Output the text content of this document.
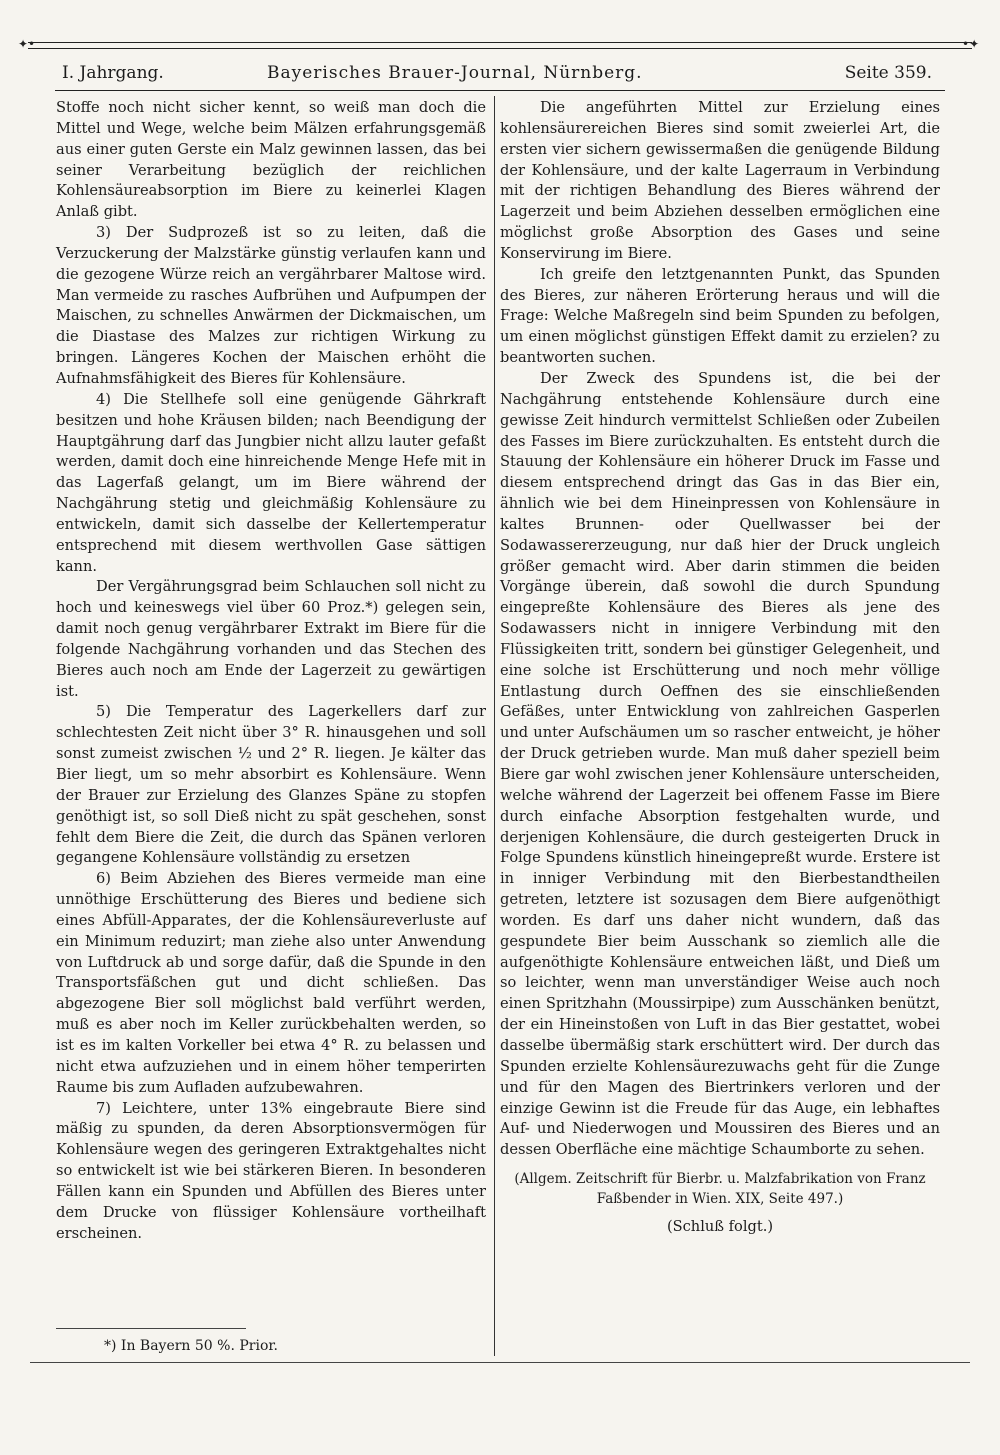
✦•	•✦
I. Jahrgang.	Bayerisches Brauer-Journal, Nürnberg.	Seite 359.

Stoffe noch nicht sicher kennt, so weiß man doch die Mittel und Wege, welche beim Mälzen erfahrungsgemäß aus einer guten Gerste ein Malz gewinnen lassen, das bei seiner Verarbeitung bezüglich der reichlichen Kohlensäureabsorption im Biere zu keinerlei Klagen Anlaß gibt.

3) Der Sudprozeß ist so zu leiten, daß die Verzuckerung der Malzstärke günstig verlaufen kann und die gezogene Würze reich an vergährbarer Maltose wird. Man vermeide zu rasches Aufbrühen und Aufpumpen der Maischen, zu schnelles Anwärmen der Dickmaischen, um die Diastase des Malzes zur richtigen Wirkung zu bringen. Längeres Kochen der Maischen erhöht die Aufnahmsfähigkeit des Bieres für Kohlensäure.

4) Die Stellhefe soll eine genügende Gährkraft besitzen und hohe Kräusen bilden; nach Beendigung der Hauptgährung darf das Jungbier nicht allzu lauter gefaßt werden, damit doch eine hinreichende Menge Hefe mit in das Lagerfaß gelangt, um im Biere während der Nachgährung stetig und gleichmäßig Kohlensäure zu entwickeln, damit sich dasselbe der Kellertemperatur entsprechend mit diesem werthvollen Gase sättigen kann.

Der Vergährungsgrad beim Schlauchen soll nicht zu hoch und keineswegs viel über 60 Proz.*) gelegen sein, damit noch genug vergährbarer Extrakt im Biere für die folgende Nachgährung vorhanden und das Stechen des Bieres auch noch am Ende der Lagerzeit zu gewärtigen ist.

5) Die Temperatur des Lagerkellers darf zur schlechtesten Zeit nicht über 3° R. hinausgehen und soll sonst zumeist zwischen ½ und 2° R. liegen. Je kälter das Bier liegt, um so mehr absorbirt es Kohlensäure. Wenn der Brauer zur Erzielung des Glanzes Späne zu stopfen genöthigt ist, so soll Dieß nicht zu spät geschehen, sonst fehlt dem Biere die Zeit, die durch das Spänen verloren gegangene Kohlensäure vollständig zu ersetzen

6) Beim Abziehen des Bieres vermeide man eine unnöthige Erschütterung des Bieres und bediene sich eines Abfüll-Apparates, der die Kohlensäureverluste auf ein Minimum reduzirt; man ziehe also unter Anwendung von Luftdruck ab und sorge dafür, daß die Spunde in den Transportsfäßchen gut und dicht schließen. Das abgezogene Bier soll möglichst bald verführt werden, muß es aber noch im Keller zurückbehalten werden, so ist es im kalten Vorkeller bei etwa 4° R. zu belassen und nicht etwa aufzuziehen und in einem höher temperirten Raume bis zum Aufladen aufzubewahren.

7) Leichtere, unter 13% eingebraute Biere sind mäßig zu spunden, da deren Absorptionsvermögen für Kohlensäure wegen des geringeren Extraktgehaltes nicht so entwickelt ist wie bei stärkeren Bieren. In besonderen Fällen kann ein Spunden und Abfüllen des Bieres unter dem Drucke von flüssiger Kohlensäure vortheilhaft erscheinen.

*) In Bayern 50 %. Prior.

Die angeführten Mittel zur Erzielung eines kohlensäurereichen Bieres sind somit zweierlei Art, die ersten vier sichern gewissermaßen die genügende Bildung der Kohlensäure, und der kalte Lagerraum in Verbindung mit der richtigen Behandlung des Bieres während der Lagerzeit und beim Abziehen desselben ermöglichen eine möglichst große Absorption des Gases und seine Konservirung im Biere.

Ich greife den letztgenannten Punkt, das Spunden des Bieres, zur näheren Erörterung heraus und will die Frage: Welche Maßregeln sind beim Spunden zu befolgen, um einen möglichst günstigen Effekt damit zu erzielen? zu beantworten suchen.

Der Zweck des Spundens ist, die bei der Nachgährung entstehende Kohlensäure durch eine gewisse Zeit hindurch vermittelst Schließen oder Zubeilen des Fasses im Biere zurückzuhalten. Es entsteht durch die Stauung der Kohlensäure ein höherer Druck im Fasse und diesem entsprechend dringt das Gas in das Bier ein, ähnlich wie bei dem Hineinpressen von Kohlensäure in kaltes Brunnen- oder Quellwasser bei der Sodawassererzeugung, nur daß hier der Druck ungleich größer gemacht wird. Aber darin stimmen die beiden Vorgänge überein, daß sowohl die durch Spundung eingepreßte Kohlensäure des Bieres als jene des Sodawassers nicht in innigere Verbindung mit den Flüssigkeiten tritt, sondern bei günstiger Gelegenheit, und eine solche ist Erschütterung und noch mehr völlige Entlastung durch Oeffnen des sie einschließenden Gefäßes, unter Entwicklung von zahlreichen Gasperlen und unter Aufschäumen um so rascher entweicht, je höher der Druck getrieben wurde. Man muß daher speziell beim Biere gar wohl zwischen jener Kohlensäure unterscheiden, welche während der Lagerzeit bei offenem Fasse im Biere durch einfache Absorption festgehalten wurde, und derjenigen Kohlensäure, die durch gesteigerten Druck in Folge Spundens künstlich hineingepreßt wurde. Erstere ist in inniger Verbindung mit den Bierbestandtheilen getreten, letztere ist sozusagen dem Biere aufgenöthigt worden. Es darf uns daher nicht wundern, daß das gespundete Bier beim Ausschank so ziemlich alle die aufgenöthigte Kohlensäure entweichen läßt, und Dieß um so leichter, wenn man unverständiger Weise auch noch einen Spritzhahn (Moussirpipe) zum Ausschänken benützt, der ein Hineinstoßen von Luft in das Bier gestattet, wobei dasselbe übermäßig stark erschüttert wird. Der durch das Spunden erzielte Kohlensäurezuwachs geht für die Zunge und für den Magen des Biertrinkers verloren und der einzige Gewinn ist die Freude für das Auge, ein lebhaftes Auf- und Niederwogen und Moussiren des Bieres und an dessen Oberfläche eine mächtige Schaumborte zu sehen.

(Allgem. Zeitschrift für Bierbr. u. Malzfabrikation von Franz Faßbender in Wien. XIX, Seite 497.)

(Schluß folgt.)
